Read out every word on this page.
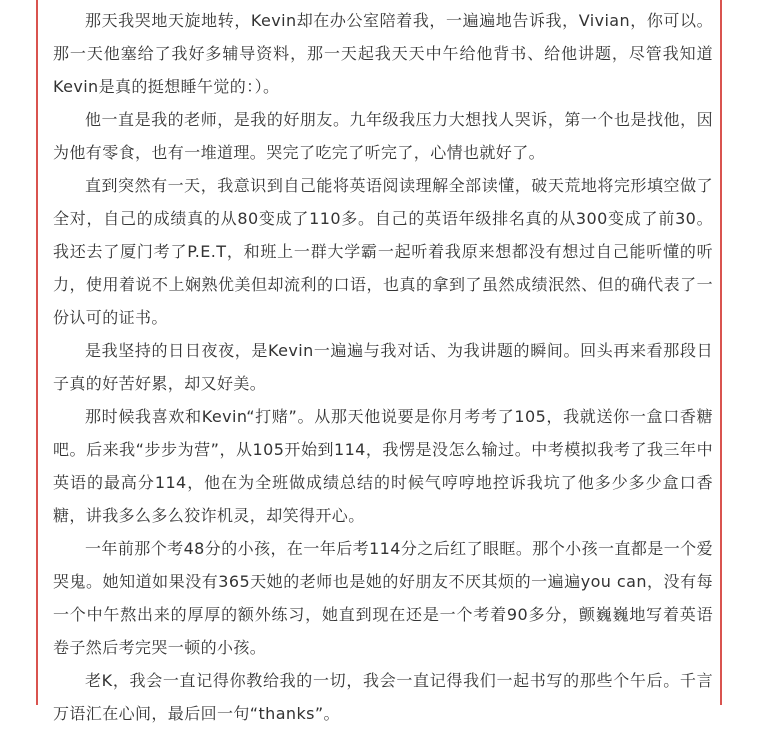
那天我哭地天旋地转，Kevin却在办公室陪着我，一遍遍地告诉我，Vivian，你可以。那一天他塞给了我好多辅导资料，那一天起我天天中午给他背书、给他讲题，尽管我知道Kevin是真的挺想睡午觉的：）。

他一直是我的老师，是我的好朋友。九年级我压力大想找人哭诉，第一个也是找他，因为他有零食，也有一堆道理。哭完了吃完了听完了，心情也就好了。

直到突然有一天，我意识到自己能将英语阅读理解全部读懂，破天荒地将完形填空做了全对，自己的成绩真的从80变成了110多。自己的英语年级排名真的从300变成了前30。我还去了厦门考了P.E.T，和班上一群大学霸一起听着我原来想都没有想过自己能听懂的听力，使用着说不上娴熟优美但却流利的口语，也真的拿到了虽然成绩泯然、但的确代表了一份认可的证书。

是我坚持的日日夜夜，是Kevin一遍遍与我对话、为我讲题的瞬间。回头再来看那段日子真的好苦好累，却又好美。

那时候我喜欢和Kevin“打赌”。从那天他说要是你月考考了105，我就送你一盒口香糖吧。后来我“步步为营”，从105开始到114，我愣是没怎么输过。中考模拟我考了我三年中英语的最高分114，他在为全班做成绩总结的时候气哼哼地控诉我坑了他多少多少盒口香糖，讲我多么多么狡诈机灵，却笑得开心。

一年前那个考48分的小孩，在一年后考114分之后红了眼眶。那个小孩一直都是一个爱哭鬼。她知道如果没有365天她的老师也是她的好朋友不厌其烦的一遍遍you can，没有每一个中午熬出来的厚厚的额外练习，她直到现在还是一个考着90多分，颤巍巍地写着英语卷子然后考完哭一顿的小孩。

老K，我会一直记得你教给我的一切，我会一直记得我们一起书写的那些个午后。千言万语汇在心间，最后回一句“thanks”。
